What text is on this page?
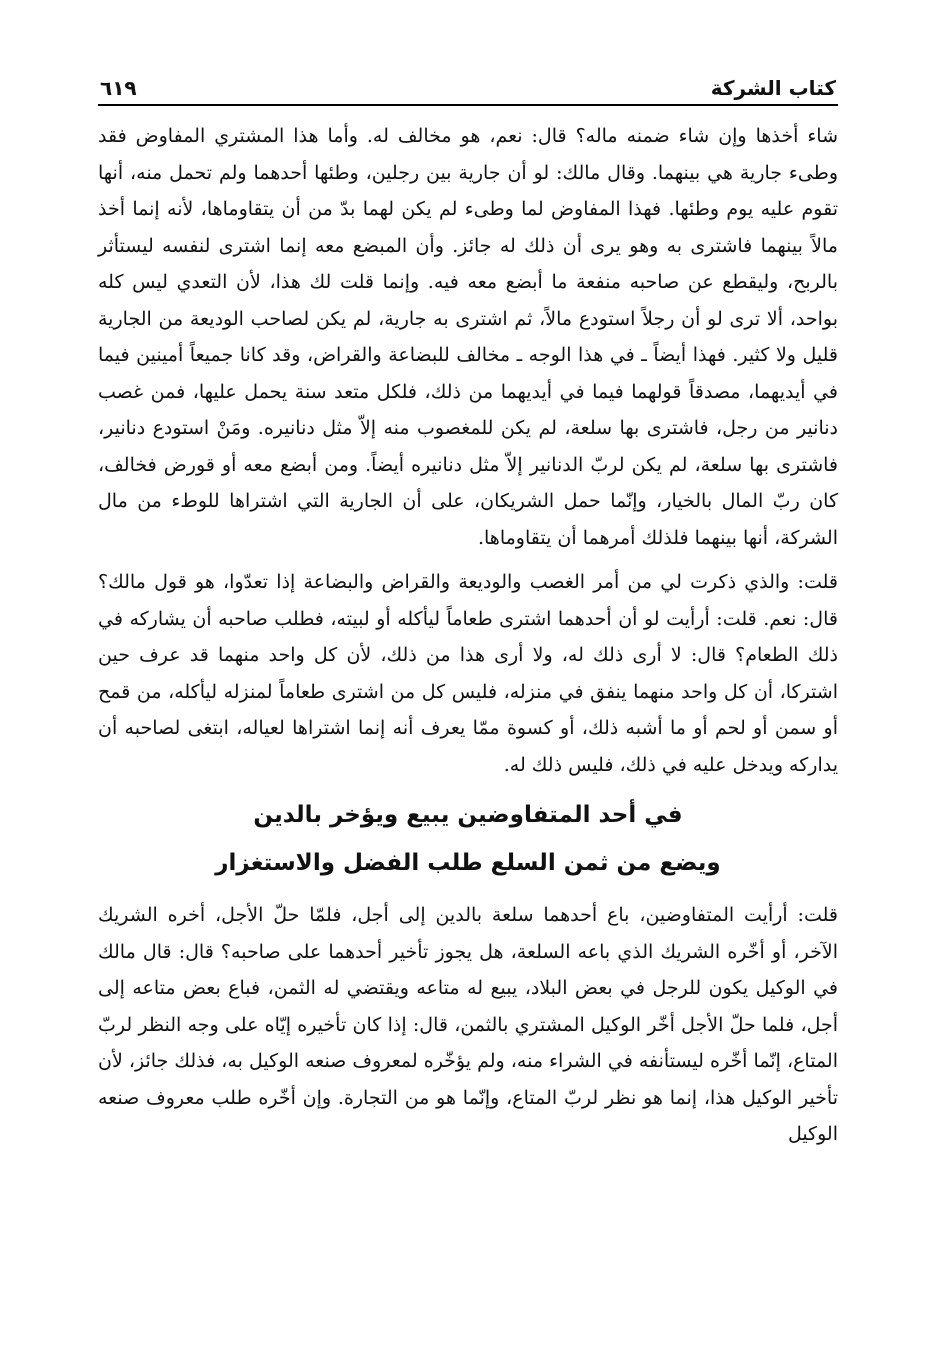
كتاب الشركة
٦١٩

شاء أخذها وإن شاء ضمنه ماله؟ قال: نعم، هو مخالف له. وأما هذا المشتري المفاوض فقد وطىء جارية هي بينهما. وقال مالك: لو أن جارية بين رجلين، وطئها أحدهما ولم تحمل منه، أنها تقوم عليه يوم وطئها. فهذا المفاوض لما وطىء لم يكن لهما بدّ من أن يتقاوماها، لأنه إنما أخذ مالاً بينهما فاشترى به وهو يرى أن ذلك له جائز. وأن المبضع معه إنما اشترى لنفسه ليستأثر بالربح، وليقطع عن صاحبه منفعة ما أبضع معه فيه. وإنما قلت لك هذا، لأن التعدي ليس كله بواحد، ألا ترى لو أن رجلاً استودع مالاً، ثم اشترى به جارية، لم يكن لصاحب الوديعة من الجارية قليل ولا كثير. فهذا أيضاً ـ في هذا الوجه ـ مخالف للبضاعة والقراض، وقد كانا جميعاً أمينين فيما في أيديهما، مصدقاً قولهما فيما في أيديهما من ذلك، فلكل متعد سنة يحمل عليها، فمن غصب دنانير من رجل، فاشترى بها سلعة، لم يكن للمغصوب منه إلاّ مثل دنانيره. ومَنْ استودع دنانير، فاشترى بها سلعة، لم يكن لربّ الدنانير إلاّ مثل دنانيره أيضاً. ومن أبضع معه أو قورض فخالف، كان ربّ المال بالخيار، وإنّما حمل الشريكان، على أن الجارية التي اشتراها للوطء من مال الشركة، أنها بينهما فلذلك أمرهما أن يتقاوماها.

قلت: والذي ذكرت لي من أمر الغصب والوديعة والقراض والبضاعة إذا تعدّوا، هو قول مالك؟ قال: نعم. قلت: أرأيت لو أن أحدهما اشترى طعاماً ليأكله أو لبيته، فطلب صاحبه أن يشاركه في ذلك الطعام؟ قال: لا أرى ذلك له، ولا أرى هذا من ذلك، لأن كل واحد منهما قد عرف حين اشتركا، أن كل واحد منهما ينفق في منزله، فليس كل من اشترى طعاماً لمنزله ليأكله، من قمح أو سمن أو لحم أو ما أشبه ذلك، أو كسوة ممّا يعرف أنه إنما اشتراها لعياله، ابتغى لصاحبه أن يداركه ويدخل عليه في ذلك، فليس ذلك له.

في أحد المتفاوضين يبيع ويؤخر بالدين

ويضع من ثمن السلع طلب الفضل والاستغزار

قلت: أرأيت المتفاوضين، باع أحدهما سلعة بالدين إلى أجل، فلمّا حلّ الأجل، أخره الشريك الآخر، أو أخّره الشريك الذي باعه السلعة، هل يجوز تأخير أحدهما على صاحبه؟ قال: قال مالك في الوكيل يكون للرجل في بعض البلاد، يبيع له متاعه ويقتضي له الثمن، فباع بعض متاعه إلى أجل، فلما حلّ الأجل أخّر الوكيل المشتري بالثمن، قال: إذا كان تأخيره إيّاه على وجه النظر لربّ المتاع، إنّما أخّره ليستأنفه في الشراء منه، ولم يؤخّره لمعروف صنعه الوكيل به، فذلك جائز، لأن تأخير الوكيل هذا، إنما هو نظر لربّ المتاع، وإنّما هو من التجارة. وإن أخّره طلب معروف صنعه الوكيل
